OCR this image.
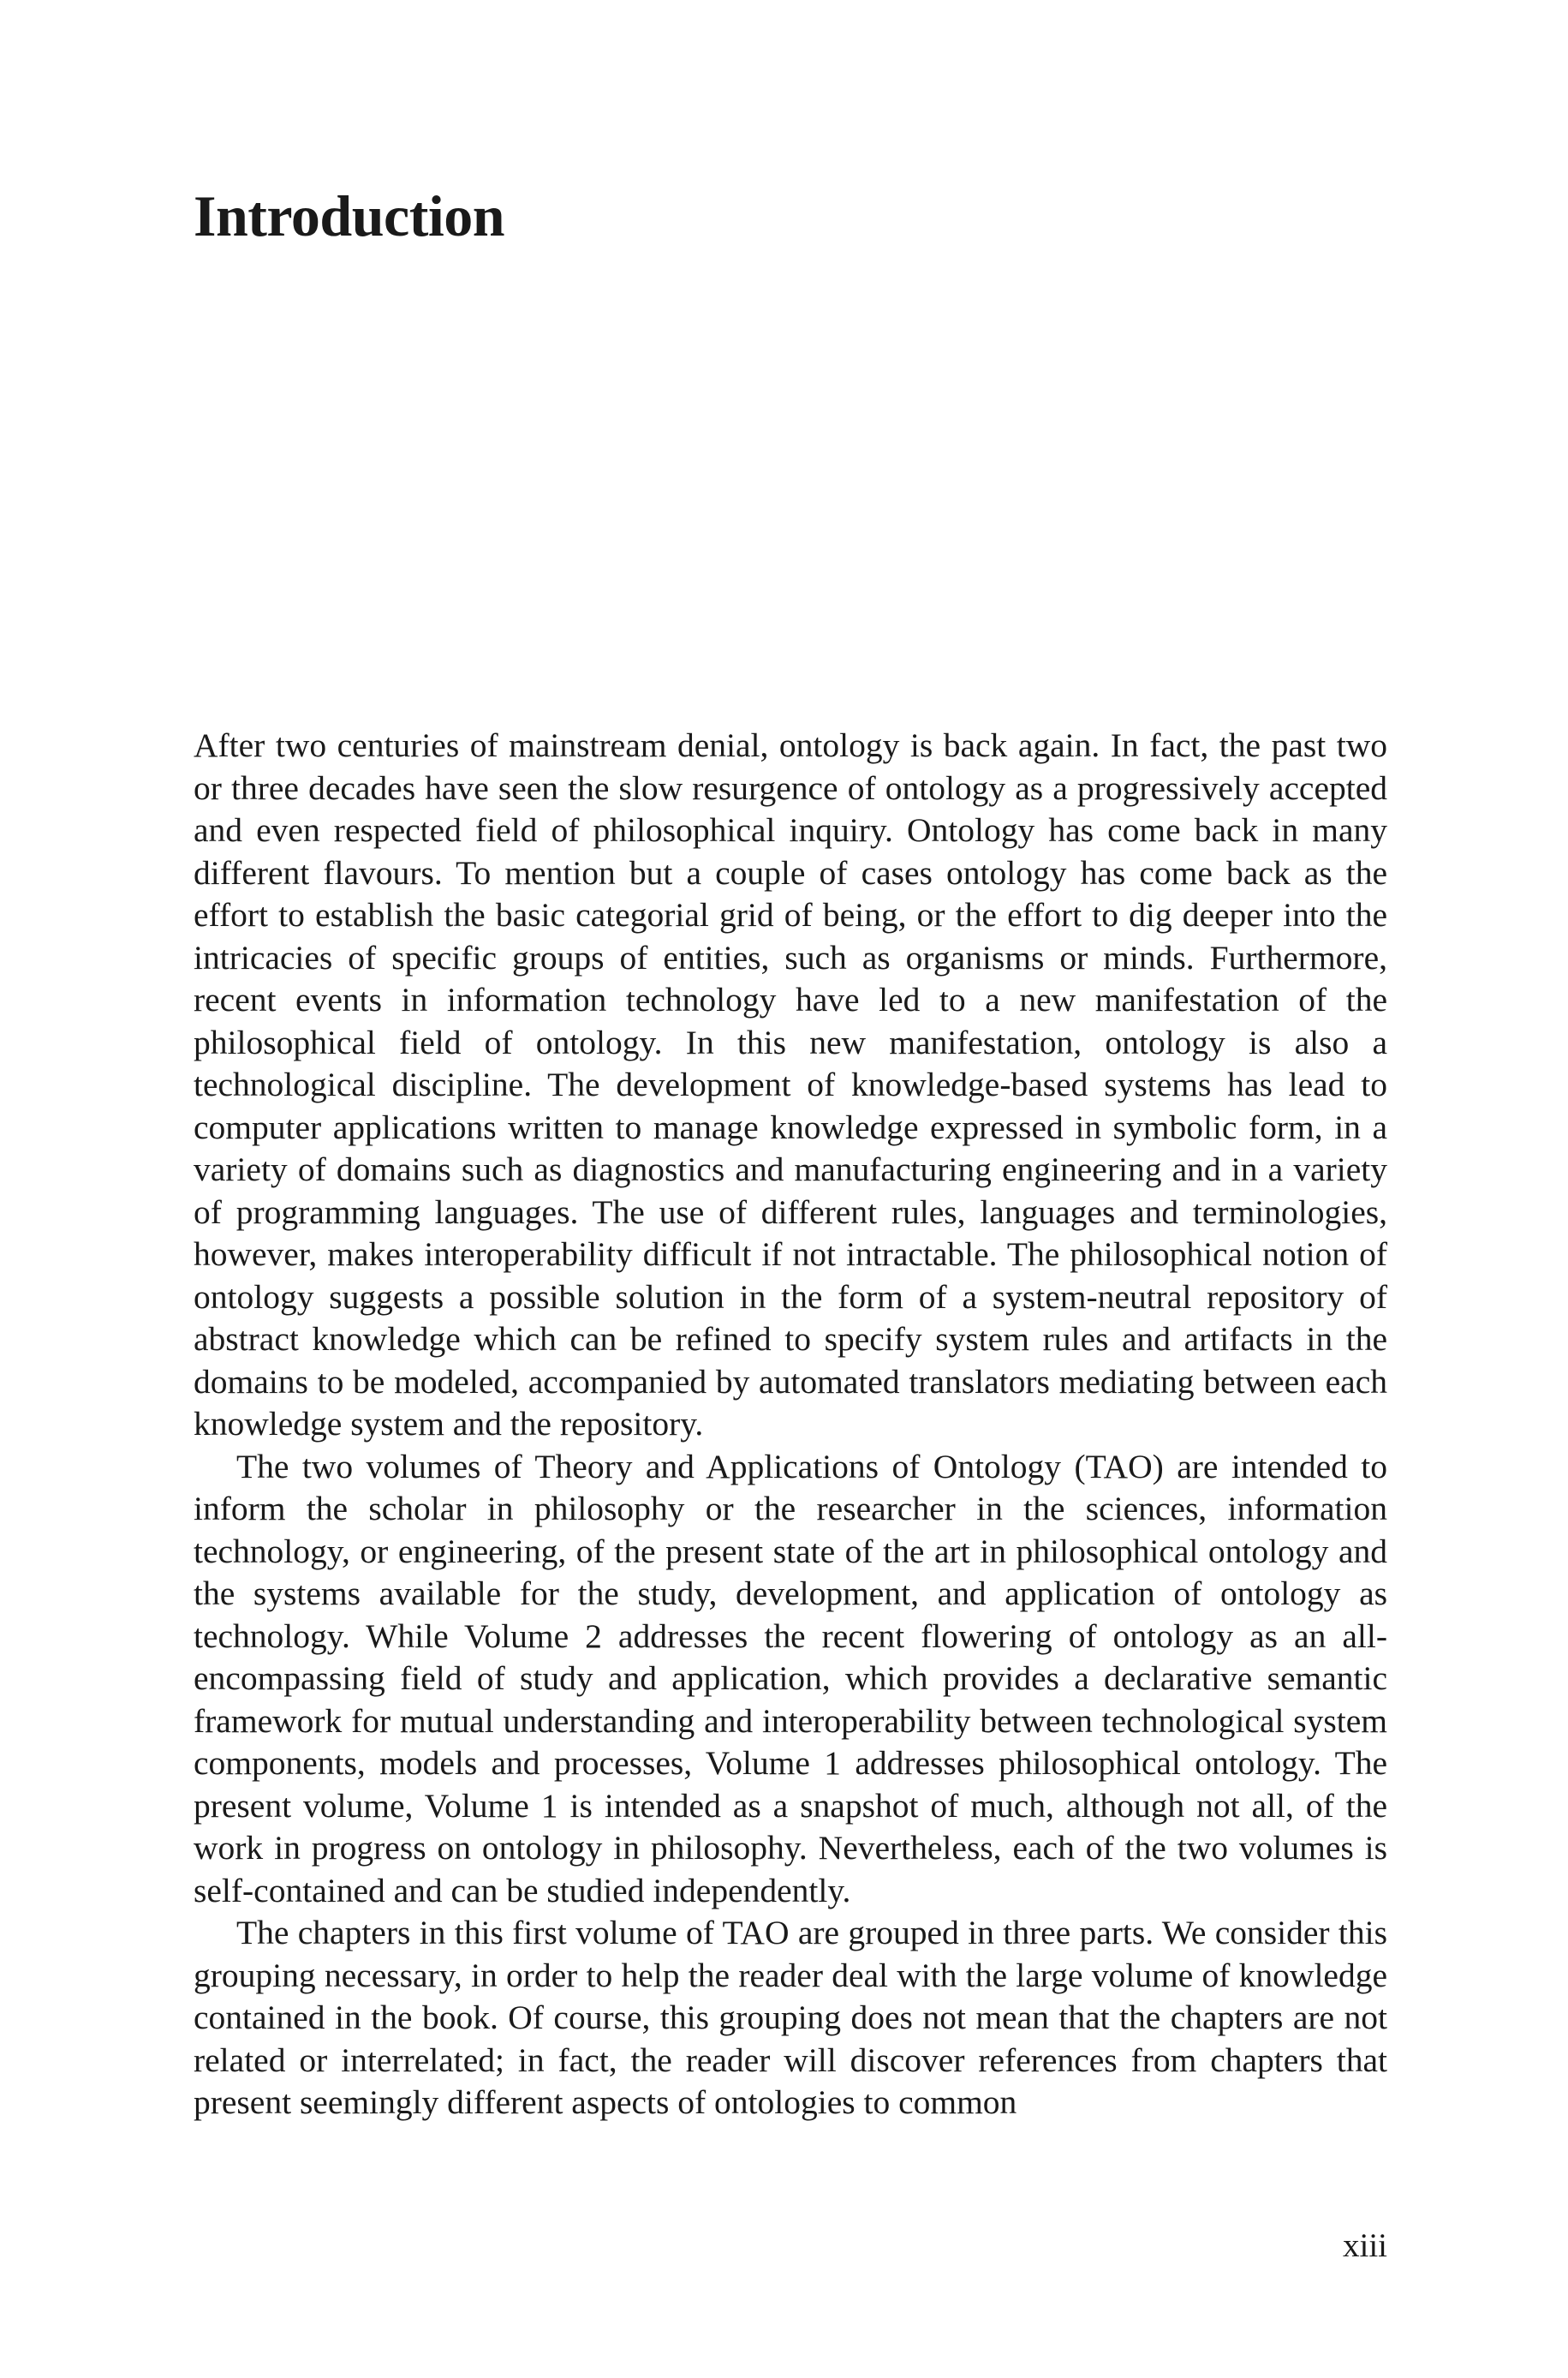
Introduction

After two centuries of mainstream denial, ontology is back again. In fact, the past two or three decades have seen the slow resurgence of ontology as a progressively accepted and even respected field of philosophical inquiry. Ontology has come back in many different flavours. To mention but a couple of cases ontology has come back as the effort to establish the basic categorial grid of being, or the effort to dig deeper into the intricacies of specific groups of entities, such as organisms or minds. Furthermore, recent events in information technology have led to a new manifestation of the philosophical field of ontology. In this new manifestation, ontology is also a technological discipline. The development of knowledge-based systems has lead to computer applications written to manage knowledge expressed in symbolic form, in a variety of domains such as diagnostics and manufacturing engineering and in a variety of programming languages. The use of different rules, languages and terminologies, however, makes interoperability difficult if not intractable. The philosophical notion of ontology suggests a possible solution in the form of a system-neutral repository of abstract knowledge which can be refined to specify system rules and artifacts in the domains to be modeled, accompanied by automated translators mediating between each knowledge system and the repository.

The two volumes of Theory and Applications of Ontology (TAO) are intended to inform the scholar in philosophy or the researcher in the sciences, information technology, or engineering, of the present state of the art in philosophical ontology and the systems available for the study, development, and application of ontology as technology. While Volume 2 addresses the recent flowering of ontology as an all-encompassing field of study and application, which provides a declarative semantic framework for mutual understanding and interoperability between technological system components, models and processes, Volume 1 addresses philosophical ontology. The present volume, Volume 1 is intended as a snapshot of much, although not all, of the work in progress on ontology in philosophy. Nevertheless, each of the two volumes is self-contained and can be studied independently.

The chapters in this first volume of TAO are grouped in three parts. We consider this grouping necessary, in order to help the reader deal with the large volume of knowledge contained in the book. Of course, this grouping does not mean that the chapters are not related or interrelated; in fact, the reader will discover references from chapters that present seemingly different aspects of ontologies to common

xiii
